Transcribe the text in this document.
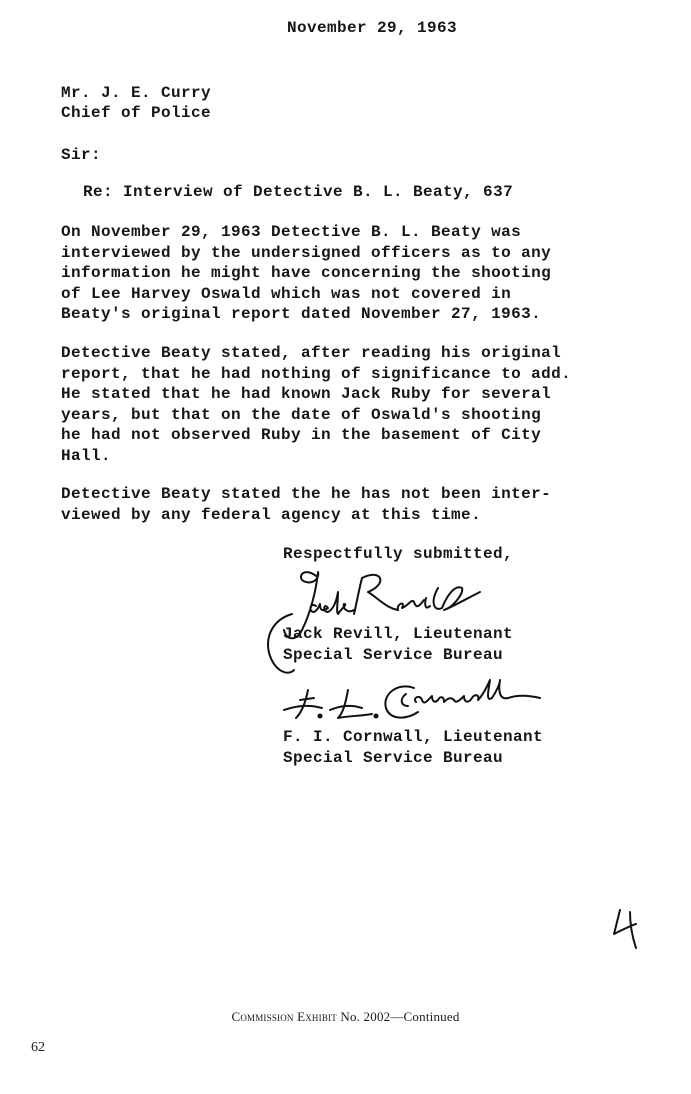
November 29, 1963
Mr. J. E. Curry
Chief of Police
Sir:
Re: Interview of Detective B. L. Beaty, 637
On November 29, 1963 Detective B. L. Beaty was
interviewed by the undersigned officers as to any
information he might have concerning the shooting
of Lee Harvey Oswald which was not covered in
Beaty's original report dated November 27, 1963.
Detective Beaty stated, after reading his original
report, that he had nothing of significance to add.
He stated that he had known Jack Ruby for several
years, but that on the date of Oswald's shooting
he had not observed Ruby in the basement of City
Hall.
Detective Beaty stated the he has not been inter-
viewed by any federal agency at this time.
Respectfully submitted,
Jack Revill, Lieutenant
Special Service Bureau
F. I. Cornwall, Lieutenant
Special Service Bureau
Commission Exhibit No. 2002—Continued
62
